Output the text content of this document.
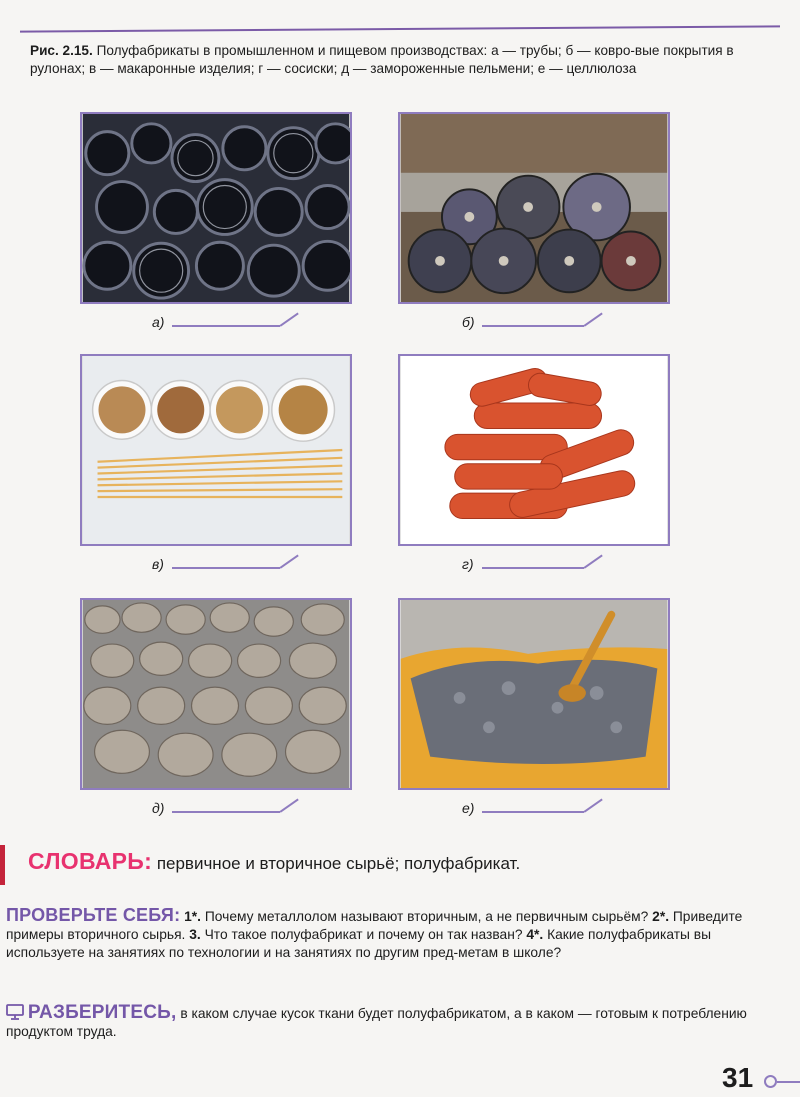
Рис. 2.15. Полуфабрикаты в промышленном и пищевом производствах: а — трубы; б — ковро-вые покрытия в рулонах; в — макаронные изделия; г — сосиски; д — замороженные пельмени; е — целлюлоза
а)	б)
в)	г)
д)	е)
СЛОВАРЬ: первичное и вторичное сырьё; полуфабрикат.
ПРОВЕРЬТЕ СЕБЯ: 1*. Почему металлолом называют вторичным, а не первичным сырьём? 2*. Приведите примеры вторичного сырья. 3. Что такое полуфабрикат и почему он так назван? 4*. Какие полуфабрикаты вы используете на занятиях по технологии и на занятиях по другим пред-метам в школе?
РАЗБЕРИТЕСЬ, в каком случае кусок ткани будет полуфабрикатом, а в каком — готовым к потреблению продуктом труда.
31
